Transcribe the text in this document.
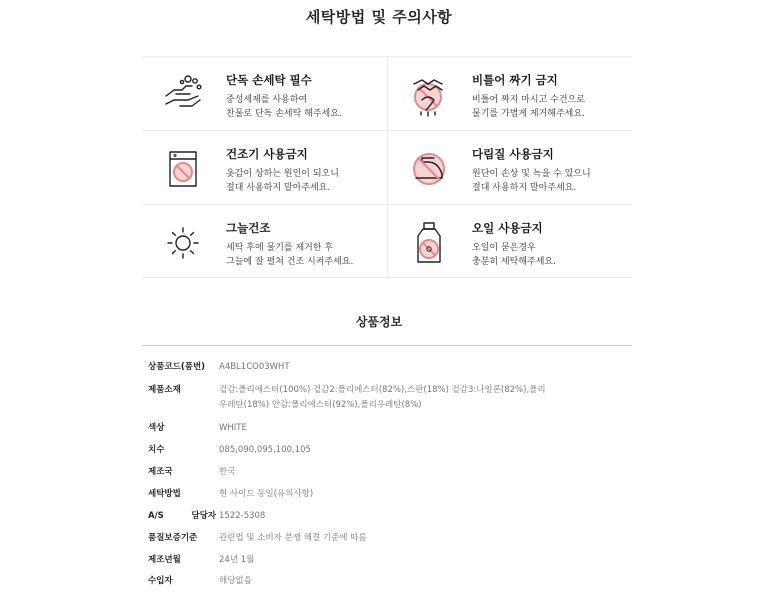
세탁방법 및 주의사항
단독 손세탁 필수
중성세제를 사용하여
찬물로 단독 손세탁 해주세요.
비틀어 짜기 금지
비틀어 짜지 마시고 수건으로
물기를 가볍게 제거해주세요.
건조기 사용금지
옷감이 상하는 원인이 되오니
절대 사용하지 말아주세요.
다림질 사용금지
원단이 손상 및 녹을 수 있으니
절대 사용하지 말아주세요.
그늘건조
세탁 후에 물기를 제거한 후
그늘에 잘 펼쳐 건조 시켜주세요.
오일 사용금지
오일이 묻은경우
충분히 세탁해주세요.
상품정보
상품코드(품번)	A4BL1CO03WHT
제품소재	겉감:폴리에스터(100%) 겉감2:폴리에스터(82%),스판(18%) 겉감3:나일론(82%),폴리우레탄(18%) 안감:폴리에스터(92%),폴리우레탄(8%)
색상	WHITE
치수	085,090,095,100,105
제조국	한국
세탁방법	현 사이드 동일(유의사항)
A/S 담당자 1522-5308
품질보증기준	관련법 및 소비자 분쟁 해결 기준에 따름
제조년월	24년 1월
수입자	해당없음
